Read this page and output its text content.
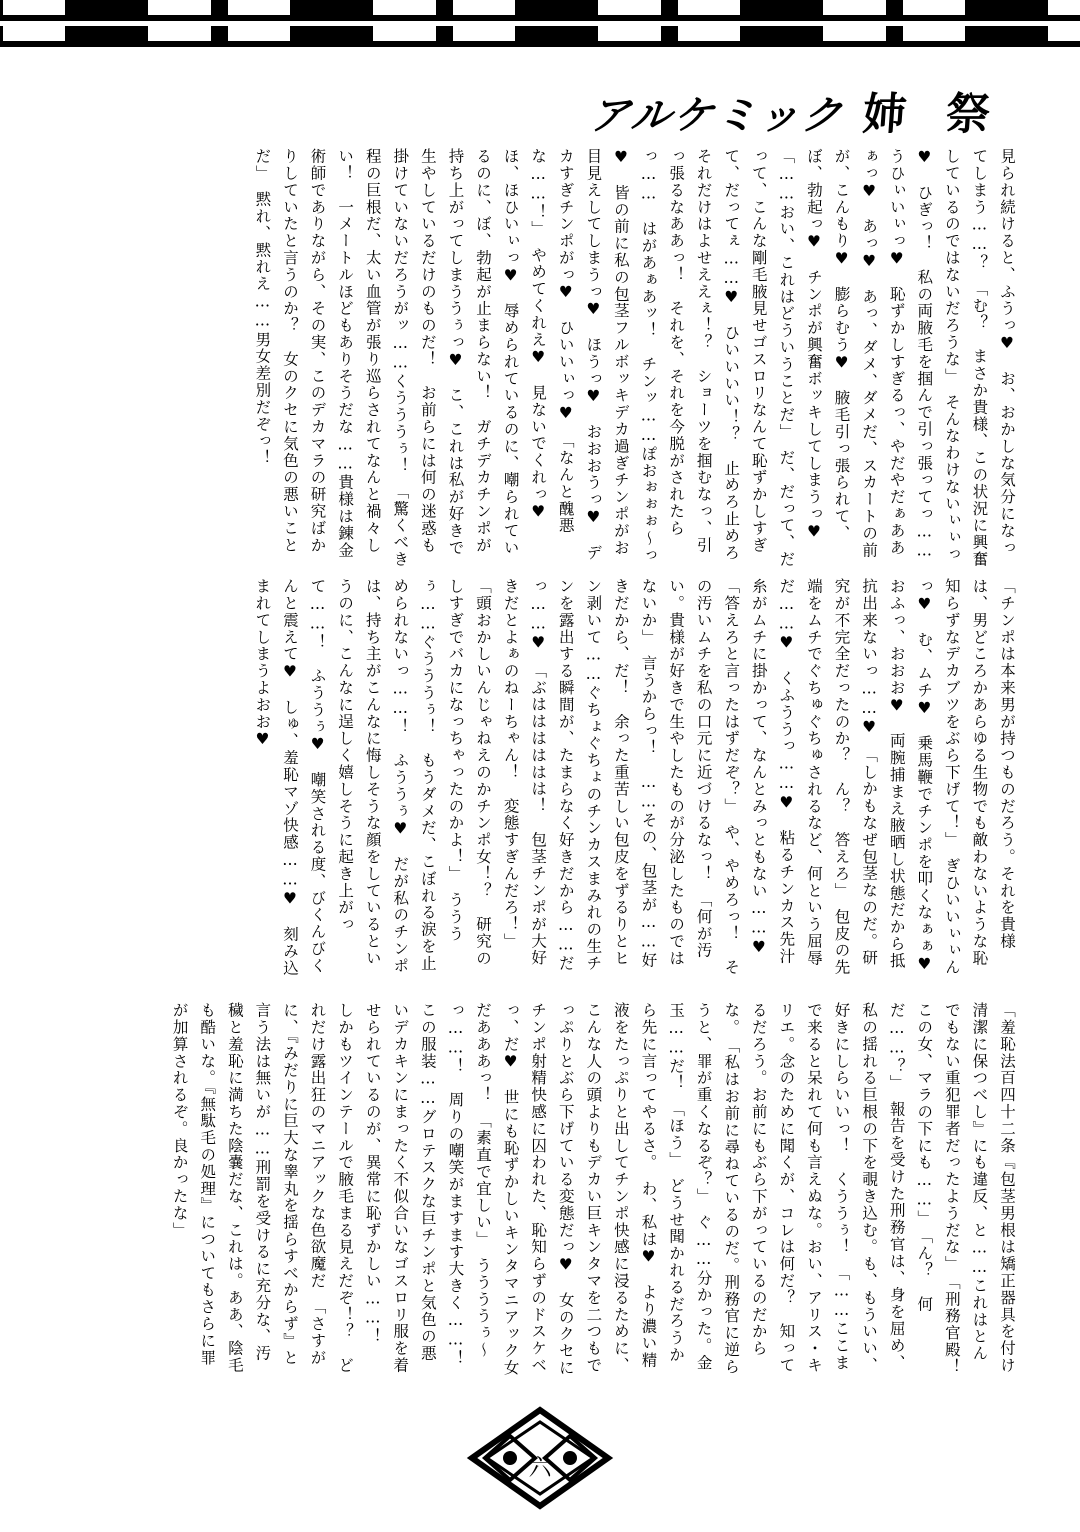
アルケミック 姉 祭

見られ続けると、ふうっ♥　お、おかしな気分になってしまう……？　「む？　まさか貴様、この状況に興奮しているのではないだろうな」　そんなわけないぃぃっ♥　ひぎっ！　私の両腋毛を掴んで引っ張ってっ……うひぃいぃっ♥　恥ずかしすぎるっ、やだやだぁああぁっ♥　あっ♥　あっ、ダメ、ダメだ、スカートの前が、こんもり♥　膨らむう♥　腋毛引っ張られて、ぼ、勃起っ♥　チンポが興奮ボッキしてしまうっ♥　「……おい、これはどういうことだ」　だ、だって、だって、こんな剛毛腋見せゴスロリなんて恥ずかしすぎて、だってぇ……♥　ひいいいい！？　止めろ止めろそれだけはよせええぇ！？　ショーツを掴むなっ、引っ張るなああっ！　それを、それを今脱がされたらっ……　はがあぁあッ！　チンッ……ぽおぉぉぉ〜っ♥　皆の前に私の包茎フルボッキデカ過ぎチンポがお目見えしてしまうっ♥　ほうっ♥　おおおうっ♥　デカすぎチンポがっ♥　ひいいぃっ♥　「なんと醜悪な……！」　やめてくれえ♥　見ないでくれっ♥　ほ、ほひいぃっ♥　辱められているのに、嘲られているのに、ぼ、勃起が止まらない！　ガチデカチンポが持ち上がってしまううぅっ♥　こ、これは私が好きで生やしているだけのものだ！　お前らには何の迷惑も掛けていないだろうがッ……くうううぅ！　「驚くべき程の巨根だ、太い血管が張り巡らされてなんと禍々しい！　一メートルほどもありそうだな……貴様は錬金術師でありながら、その実、このデカマラの研究ばかりしていたと言うのか？　女のクセに気色の悪いことだ」　黙れ、黙れえ……男女差別だぞっ！

「チンポは本来男が持つものだろう。それを貴様は、男どころかあらゆる生物でも敵わないような恥知らずなデカブツをぶら下げて！」　ぎひいいぃぃんっ♥　む、ムチ♥　乗馬鞭でチンポを叩くなぁぁ♥　おふっ、おおお♥　両腕捕まえ腋晒し状態だから抵抗出来ないっ……♥　「しかもなぜ包茎なのだ。研究が不完全だったのか？　ん？　答えろ」　包皮の先端をムチでぐちゅぐちゅされるなど、何という屈辱だ……♥　くふううっ……♥　粘るチンカス先汁糸がムチに掛かって、なんとみっともない……♥　「答えろと言ったはずだぞ？」　や、やめろっ！　その汚いムチを私の口元に近づけるなっ！　「何が汚い。貴様が好きで生やしたものが分泌したものではないか」　言うからっ！　……その、包茎が……好きだから、だ！　余った重苦しい包皮をずるりとヒン剥いて……ぐちょぐちょのチンカスまみれの生チンを露出する瞬間が、たまらなく好きだから……だっ……♥　「ぶはははははは！　包茎チンポが大好きだとよぁのねーちゃん！　変態すぎんだろ！」　「頭おかしいんじゃねえのかチンポ女！？　研究のしすぎでバカになっちゃったのかよ！」　うううぅ……ぐうううぅ！　もうダメだ、こぼれる涙を止められないっ……！　ふううぅ♥　だが私のチンポは、持ち主がこんなに悔しそうな顔をしているというのに、こんなに逞しく嬉しそうに起き上がって……！　ふううぅ♥　嘲笑される度、びくんびくんと震えて♥　しゅ、羞恥マゾ快感……♥　刻み込まれてしまうよおお♥

「羞恥法百四十二条『包茎男根は矯正器具を付け清潔に保つべし』にも違反、と……これはとんでもない重犯罪者だったようだな」　「刑務官殿！　この女、マラの下にも……」　「ん？　何だ……？」　報告を受けた刑務官は、身を屈め、私の揺れる巨根の下を覗き込む。も、もういい、好きにしらいいっ！　くううぅ！　「……ここまで来ると呆れて何も言えぬな。おい、アリス・キリエ。念のために聞くが、コレは何だ？　知ってるだろう。お前にもぶら下がっているのだからな。　「私はお前に尋ねているのだ。刑務官に逆らうと、罪が重くなるぞ？」　ぐ……分かった。金玉……だ！　「ほう」　どうせ聞かれるだろうから先に言ってやるさ。　わ、私は♥　より濃い精液をたっぷりと出してチンポ快感に浸るために、こんな人の頭よりもデカい巨キンタマを二つもでっぷりとぶら下げている変態だっ♥　女のクセにチンポ射精快感に囚われた、恥知らずのドスケベっ、だ♥　世にも恥ずかしいキンタマニアック女だあああっ！　「素直で宜しい」　ううううぅ〜っ……！　周りの嘲笑がますます大きく……！　この服装……グロテスクな巨チンポと気色の悪いデカキンにまったく不似合いなゴスロリ服を着せられているのが、異常に恥ずかしい……！　しかもツインテールで腋毛まる見えだぞ！？　どれだけ露出狂のマニアックな色欲魔だ　「さすがに、『みだりに巨大な睾丸を揺らすべからず』と言う法は無いが……刑罰を受けるに充分な、汚穢と羞恥に満ちた陰嚢だな、これは。ああ、陰毛も酷いな。『無駄毛の処理』についてもさらに罪が加算されるぞ。良かったな」

六
